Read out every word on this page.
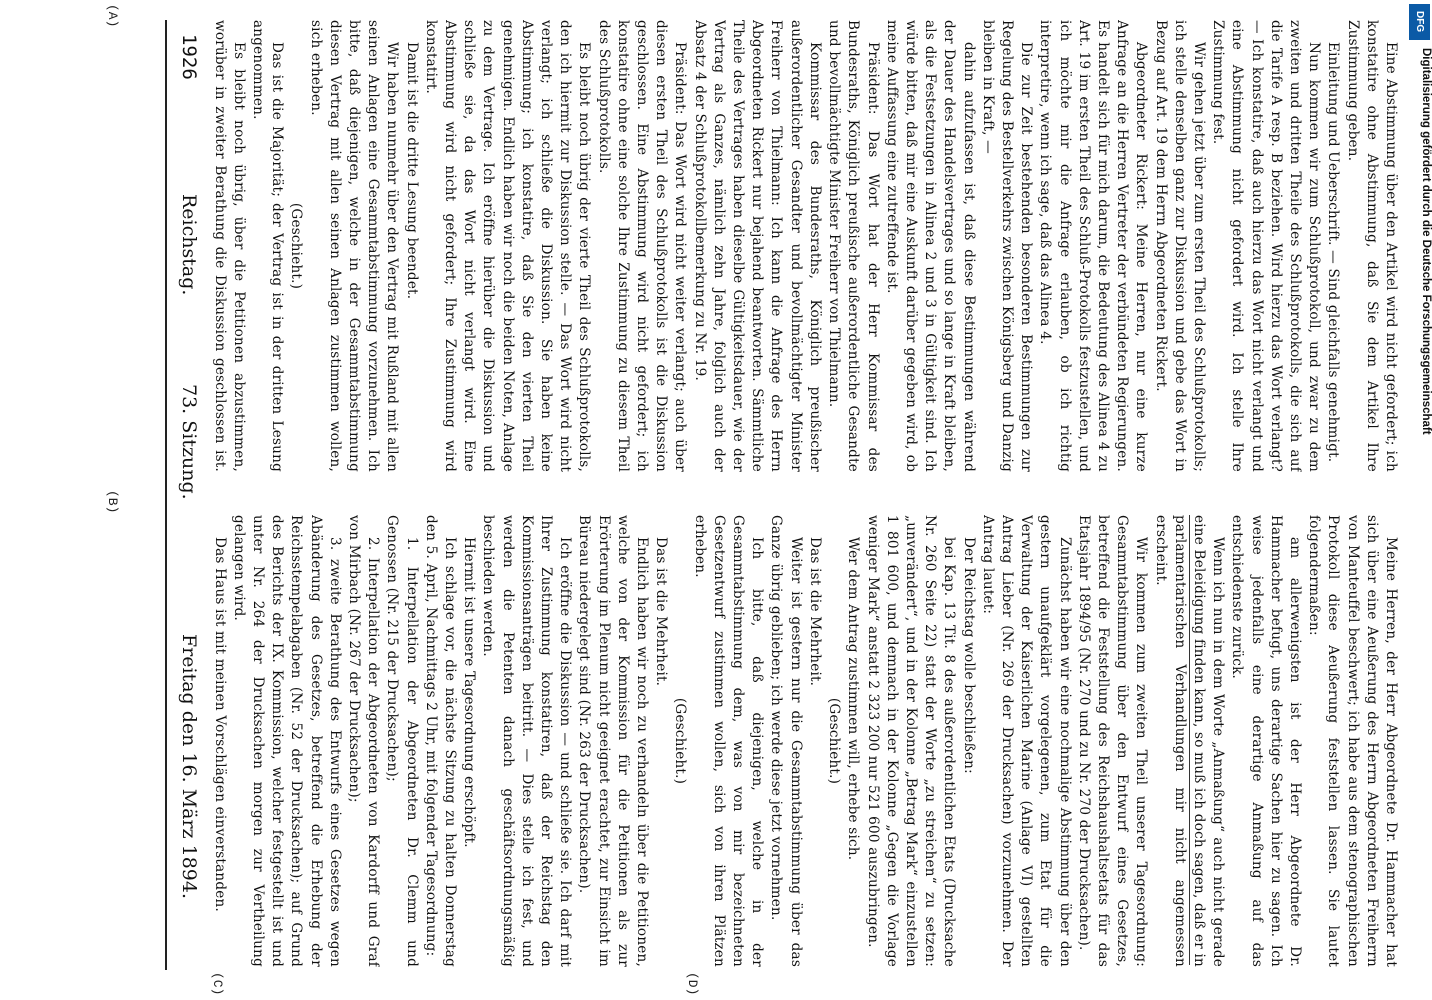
1926
Reichstag.
73. Sitzung.
Freitag den 16. März 1894.

Eine Abstimmung über den Artikel wird nicht gefordert; ich konstatire ohne Abstimmung, daß Sie dem Artikel Ihre Zustimmung geben.

Einleitung und Ueberschrift. — Sind gleichfalls genehmigt.

Nun kommen wir zum Schlußprotokoll, und zwar zu dem zweiten und dritten Theile des Schlußprotokolls, die sich auf die Tarife A resp. B beziehen. Wird hierzu das Wort verlangt? — Ich konstatire, daß auch hierzu das Wort nicht verlangt und eine Abstimmung nicht gefordert wird. Ich stelle Ihre Zustimmung fest.

Wir gehen jetzt über zum ersten Theil des Schlußprotokolls; ich stelle denselben ganz zur Diskussion und gebe das Wort in Bezug auf Art. 19 dem Herrn Abgeordneten Rickert.

Abgeordneter Rickert: Meine Herren, nur eine kurze Anfrage an die Herren Vertreter der verbündeten Regierungen. Es handelt sich für mich darum, die Bedeutung des Alinea 4 zu Art. 19 im ersten Theil des Schluß-Protokolls festzustellen, und ich möchte mir die Anfrage erlauben, ob ich richtig interpretire, wenn ich sage, daß das Alinea 4.

Die zur Zeit bestehenden besonderen Bestimmungen zur Regelung des Bestellverkehrs zwischen Königsberg und Danzig bleiben in Kraft, —

dahin aufzufassen ist, daß diese Bestimmungen während der Dauer des Handelsvertrages und so lange in Kraft bleiben, als die Festsetzungen in Alinea 2 und 3 in Gültigkeit sind. Ich würde bitten, daß mir eine Auskunft darüber gegeben wird, ob meine Auffassung eine zutreffende ist.

Präsident: Das Wort hat der Herr Kommissar des Bundesraths, Königlich preußische außerordentliche Gesandte und bevollmächtigte Minister Freiherr von Thielmann.

Kommissar des Bundesraths, Königlich preußischer außerordentlicher Gesandter und bevollmächtigter Minister Freiherr von Thielmann: Ich kann die Anfrage des Herrn Abgeordneten Rickert nur bejahend beantworten. Sämmtliche Theile des Vertrages haben dieselbe Gültigkeitsdauer, wie der Vertrag als Ganzes, nämlich zehn Jahre, folglich auch der Absatz 4 der Schlußprotokollbemerkung zu Nr. 19.

Präsident: Das Wort wird nicht weiter verlangt; auch über diesen ersten Theil des Schlußprotokolls ist die Diskussion geschlossen. Eine Abstimmung wird nicht gefordert; ich konstatire ohne eine solche Ihre Zustimmung zu diesem Theil des Schlußprotokolls.

Es bleibt noch übrig der vierte Theil des Schlußprotokolls, den ich hiermit zur Diskussion stelle. — Das Wort wird nicht verlangt; ich schließe die Diskussion. Sie haben keine Abstimmung; ich konstatire, daß Sie den vierten Theil genehmigen. Endlich haben wir noch die beiden Noten, Anlage zu dem Vertrage. Ich eröffne hierüber die Diskussion und schließe sie, da das Wort nicht verlangt wird. Eine Abstimmung wird nicht gefordert; Ihre Zustimmung wird konstatirt.

Damit ist die dritte Lesung beendet.

Wir haben nunmehr über den Vertrag mit Rußland mit allen seinen Anlagen eine Gesammtabstimmung vorzunehmen. Ich bitte, daß diejenigen, welche in der Gesammtabstimmung diesen Vertrag mit allen seinen Anlagen zustimmen wollen, sich erheben.

(Geschieht.)

Das ist die Majorität; der Vertrag ist in der dritten Lesung angenommen.

Es bleibt noch übrig, über die Petitionen abzustimmen, worüber in zweiter Berathung die Diskussion geschlossen ist.

Meine Herren, der Herr Abgeordnete Dr. Hammacher hat sich über eine Aeußerung des Herrn Abgeordneten Freiherrn von Manteuffel beschwert; ich habe aus dem stenographischen Protokoll diese Aeußerung feststellen lassen. Sie lautet folgendermaßen:

am allerwenigsten ist der Herr Abgeordnete Dr. Hammacher befugt, uns derartige Sachen hier zu sagen. Ich weise jedenfalls eine derartige Anmaßung auf das entschiedenste zurück.

Wenn ich nun in dem Worte „Anmaßung“ auch nicht gerade eine Beleidigung finden kann, so muß ich doch sagen, daß er in parlamentarischen Verhandlungen mir nicht angemessen erscheint.

Wir kommen zum zweiten Theil unserer Tagesordnung: Gesammtabstimmung über den Entwurf eines Gesetzes, betreffend die Feststellung des Reichshaushaltsetats für das Etatsjahr 1894/95 (Nr. 270 und zu Nr. 270 der Drucksachen).

Zunächst haben wir eine nochmalige Abstimmung über den gestern unaufgeklärt vorgelegenen, zum Etat für die Verwaltung der Kaiserlichen Marine (Anlage VI) gestellten Antrag Lieber (Nr. 269 der Drucksachen) vorzunehmen. Der Antrag lautet:

Der Reichstag wolle beschließen:

bei Kap. 13 Tit. 8 des außerordentlichen Etats (Drucksache Nr. 260 Seite 22) statt der Worte „zu streichen“ zu setzen: „unverändert“, und in der Kolonne „Betrag Mark“ einzustellen 1 801 600, und demnach in der Kolonne „Gegen die Vorlage weniger Mark“ anstatt 2 323 200 nur 521 600 auszubringen.

Wer dem Antrag zustimmen will, erhebe sich.

(Geschieht.)

Das ist die Mehrheit.

Weiter ist gestern nur die Gesammtabstimmung über das Ganze übrig geblieben; ich werde diese jetzt vornehmen.

Ich bitte, daß diejenigen, welche in der Gesammtabstimmung dem, was von mir bezeichneten Gesetzentwurf zustimmen wollen, sich von ihren Plätzen erheben.

(Geschieht.)

Das ist die Mehrheit.

Endlich haben wir noch zu verhandeln über die Petitionen, welche von der Kommission für die Petitionen als zur Erörterung im Plenum nicht geeignet erachtet, zur Einsicht im Büreau niedergelegt sind (Nr. 263 der Drucksachen).

Ich eröffne die Diskussion — und schließe sie. Ich darf mit Ihrer Zustimmung konstatiren, daß der Reichstag den Kommissionsanträgen beitritt. — Dies stelle ich fest, und werden die Petenten danach geschäftsordnungsmäßig beschieden werden.

Hiermit ist unsere Tagesordnung erschöpft.

Ich schlage vor, die nächste Sitzung zu halten Donnerstag den 5. April, Nachmittags 2 Uhr, mit folgender Tagesordnung:

1. Interpellation der Abgeordneten Dr. Clemm und Genossen (Nr. 215 der Drucksachen);

2. Interpellation der Abgeordneten von Kardorff und Graf von Mirbach (Nr. 267 der Drucksachen);

3. zweite Berathung des Entwurfs eines Gesetzes wegen Abänderung des Gesetzes, betreffend die Erhebung der Reichsstempelabgaben (Nr. 52 der Drucksachen); auf Grund des Berichts der IX. Kommission, welcher festgestellt ist und unter Nr. 264 der Drucksachen morgen zur Vertheilung gelangen wird.

Das Haus ist mit meinen Vorschlägen einverstanden.

(A)
(B)
(C)	(D)
DFG
Digitalisierung gefördert durch die Deutsche Forschungsgemeinschaft
